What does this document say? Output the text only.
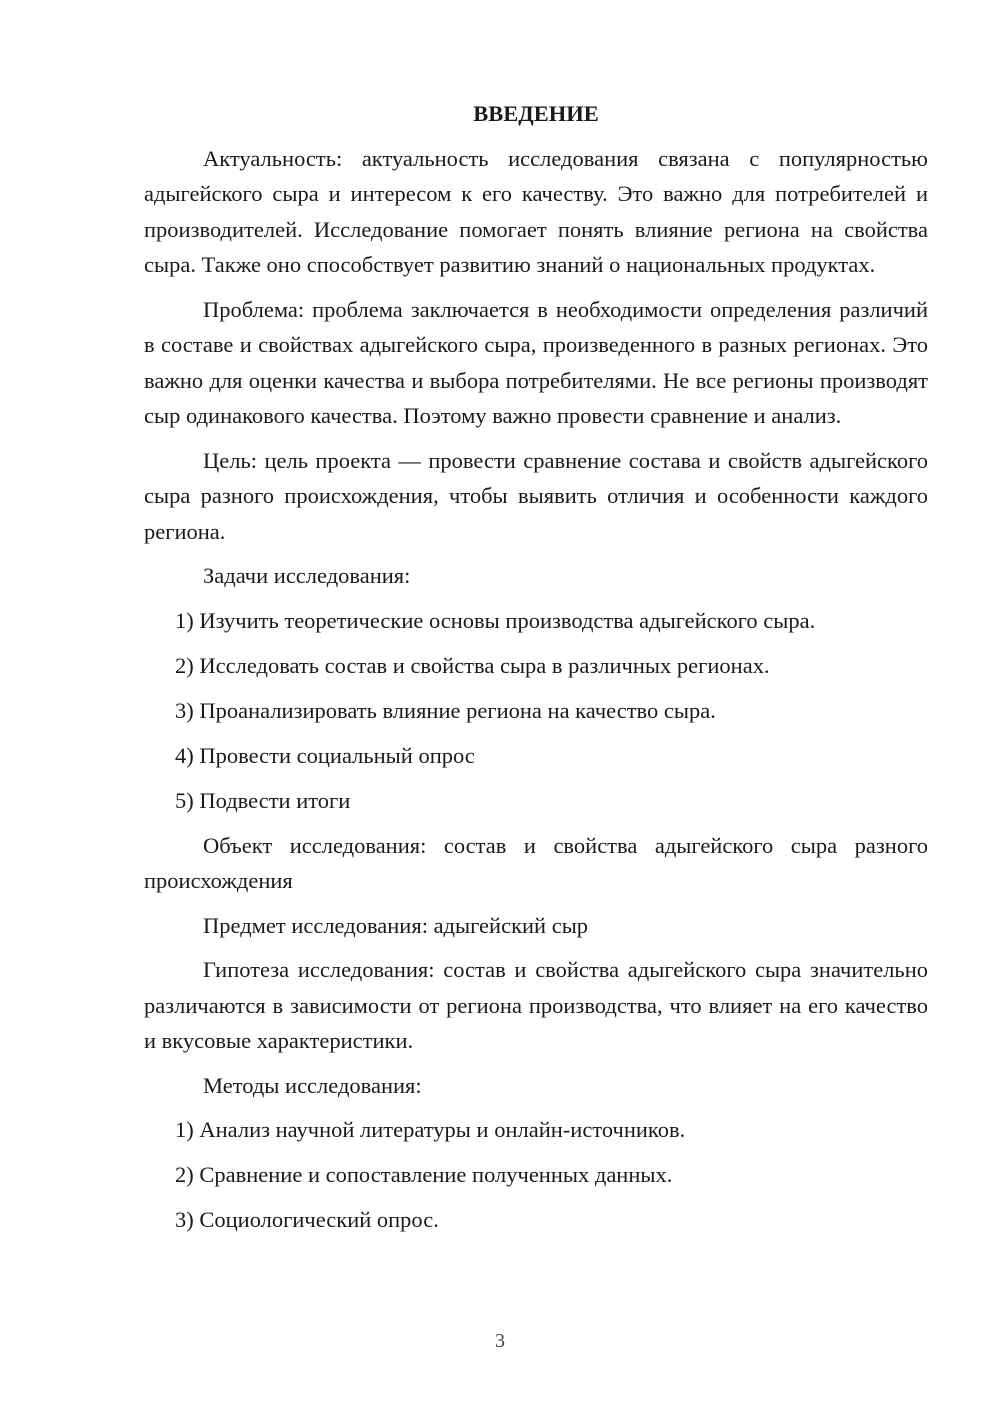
ВВЕДЕНИЕ

Актуальность: актуальность исследования связана с популярностью адыгейского сыра и интересом к его качеству. Это важно для потребителей и производителей. Исследование помогает понять влияние региона на свойства сыра. Также оно способствует развитию знаний о национальных продуктах.

Проблема: проблема заключается в необходимости определения различий в составе и свойствах адыгейского сыра, произведенного в разных регионах. Это важно для оценки качества и выбора потребителями. Не все регионы производят сыр одинакового качества. Поэтому важно провести сравнение и анализ.

Цель: цель проекта — провести сравнение состава и свойств адыгейского сыра разного происхождения, чтобы выявить отличия и особенности каждого региона.

Задачи исследования:

1) Изучить теоретические основы производства адыгейского сыра.

2) Исследовать состав и свойства сыра в различных регионах.

3) Проанализировать влияние региона на качество сыра.

4) Провести социальный опрос

5) Подвести итоги

Объект исследования: состав и свойства адыгейского сыра разного происхождения

Предмет исследования: адыгейский сыр

Гипотеза исследования: состав и свойства адыгейского сыра значительно различаются в зависимости от региона производства, что влияет на его качество и вкусовые характеристики.

Методы исследования:

1) Анализ научной литературы и онлайн-источников.

2) Сравнение и сопоставление полученных данных.

3) Социологический опрос.

3
